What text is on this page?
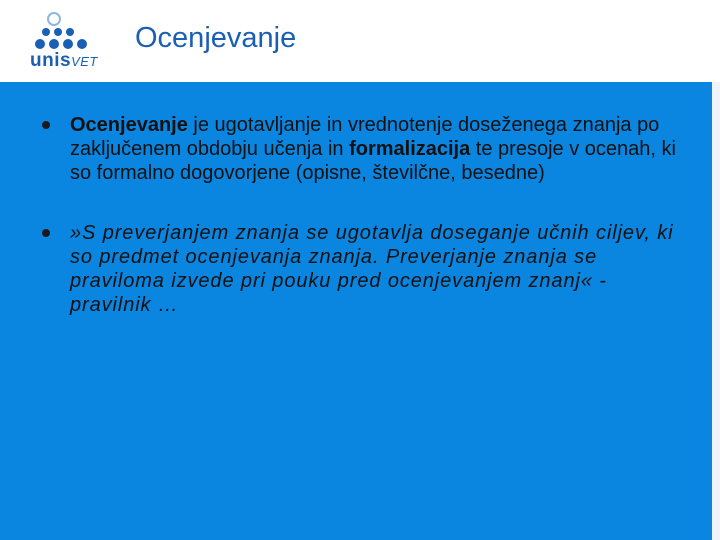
unisVET
Ocenjevanje
Ocenjevanje je ugotavljanje in vrednotenje doseženega znanja po zaključenem obdobju učenja in formalizacija te presoje v ocenah, ki so formalno dogovorjene (opisne, številčne, besedne)
»S preverjanjem znanja se ugotavlja doseganje učnih ciljev, ki so predmet ocenjevanja znanja. Preverjanje znanja se praviloma izvede pri pouku pred ocenjevanjem znanj« - pravilnik …
